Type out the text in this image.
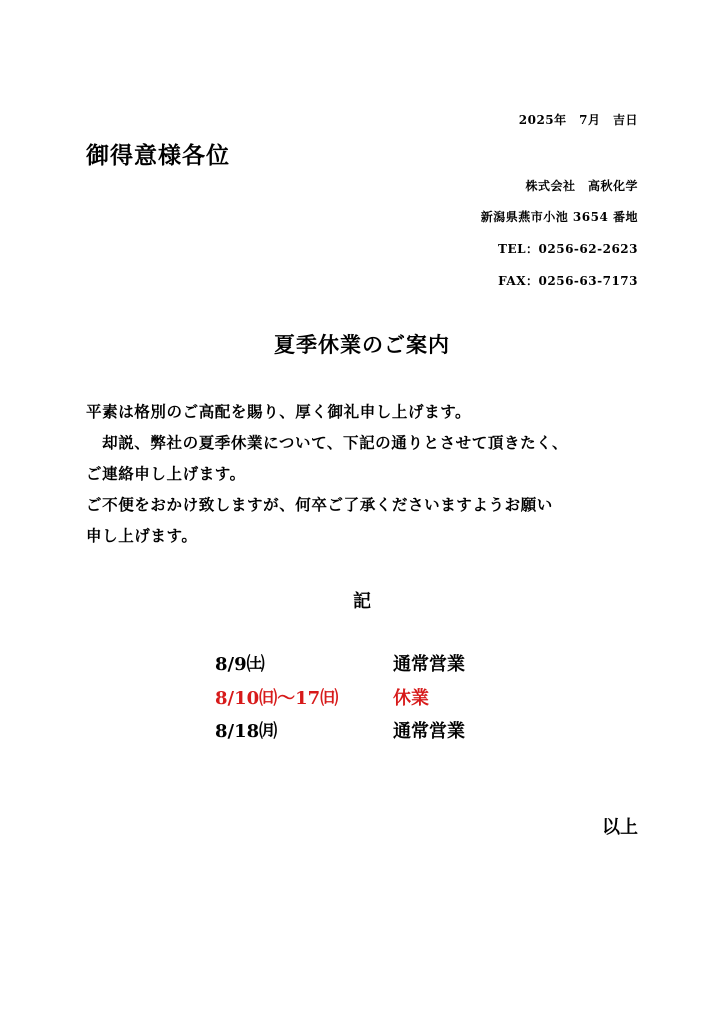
2025年　7月　吉日
御得意様各位
株式会社　高秋化学
新潟県燕市小池 3654 番地
TEL：0256-62-2623
FAX：0256-63-7173
夏季休業のご案内
平素は格別のご高配を賜り、厚く御礼申し上げます。
　却説、弊社の夏季休業について、下記の通りとさせて頂きたく、
ご連絡申し上げます。
ご不便をおかけ致しますが、何卒ご了承くださいますようお願い
申し上げます。
記
8/9㈯	通常営業
8/10㈰～17㈰	休業
8/18㈪	通常営業
以上
